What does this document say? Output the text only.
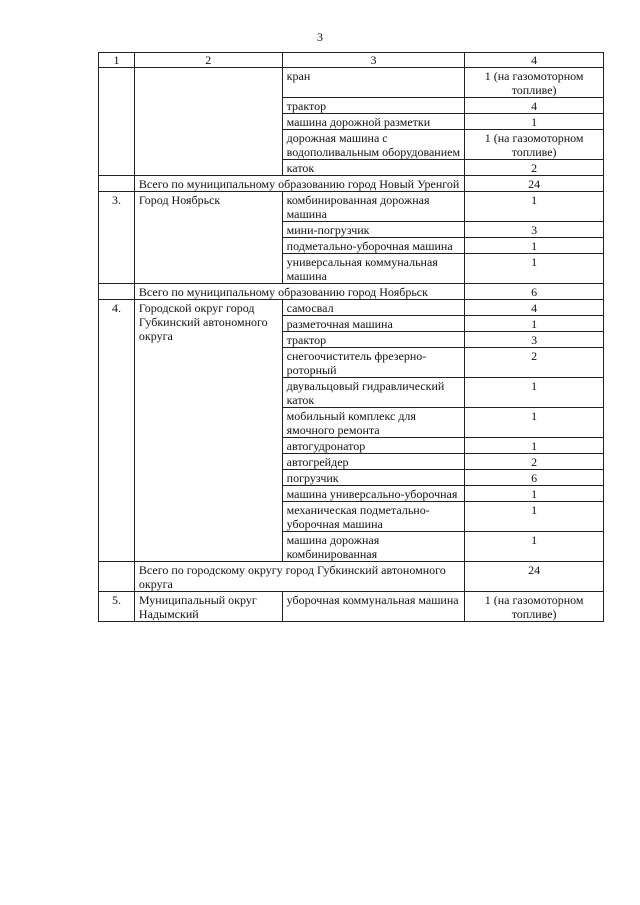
3
1	2	3	4
		кран	1 (на газомоторном топливе)
		трактор	4
		машина дорожной разметки	1
		дорожная машина с водополивальным оборудованием	1 (на газомоторном топливе)
		каток	2
	Всего по муниципальному образованию город Новый Уренгой		24
3.	Город Ноябрьск	комбинированная дорожная машина	1
		мини-погрузчик	3
		подметально-уборочная машина	1
		универсальная коммунальная машина	1
	Всего по муниципальному образованию город Ноябрьск		6
4.	Городской округ город Губкинский автономного округа	самосвал	4
		разметочная машина	1
		трактор	3
		снегоочиститель фрезерно-роторный	2
		двувальцовый гидравлический каток	1
		мобильный комплекс для ямочного ремонта	1
		автогудронатор	1
		автогрейдер	2
		погрузчик	6
		машина универсально-уборочная	1
		механическая подметально-уборочная машина	1
		машина дорожная комбинированная	1
	Всего по городскому округу город Губкинский автономного округа		24
5.	Муниципальный округ Надымский	уборочная коммунальная машина	1 (на газомоторном топливе)
